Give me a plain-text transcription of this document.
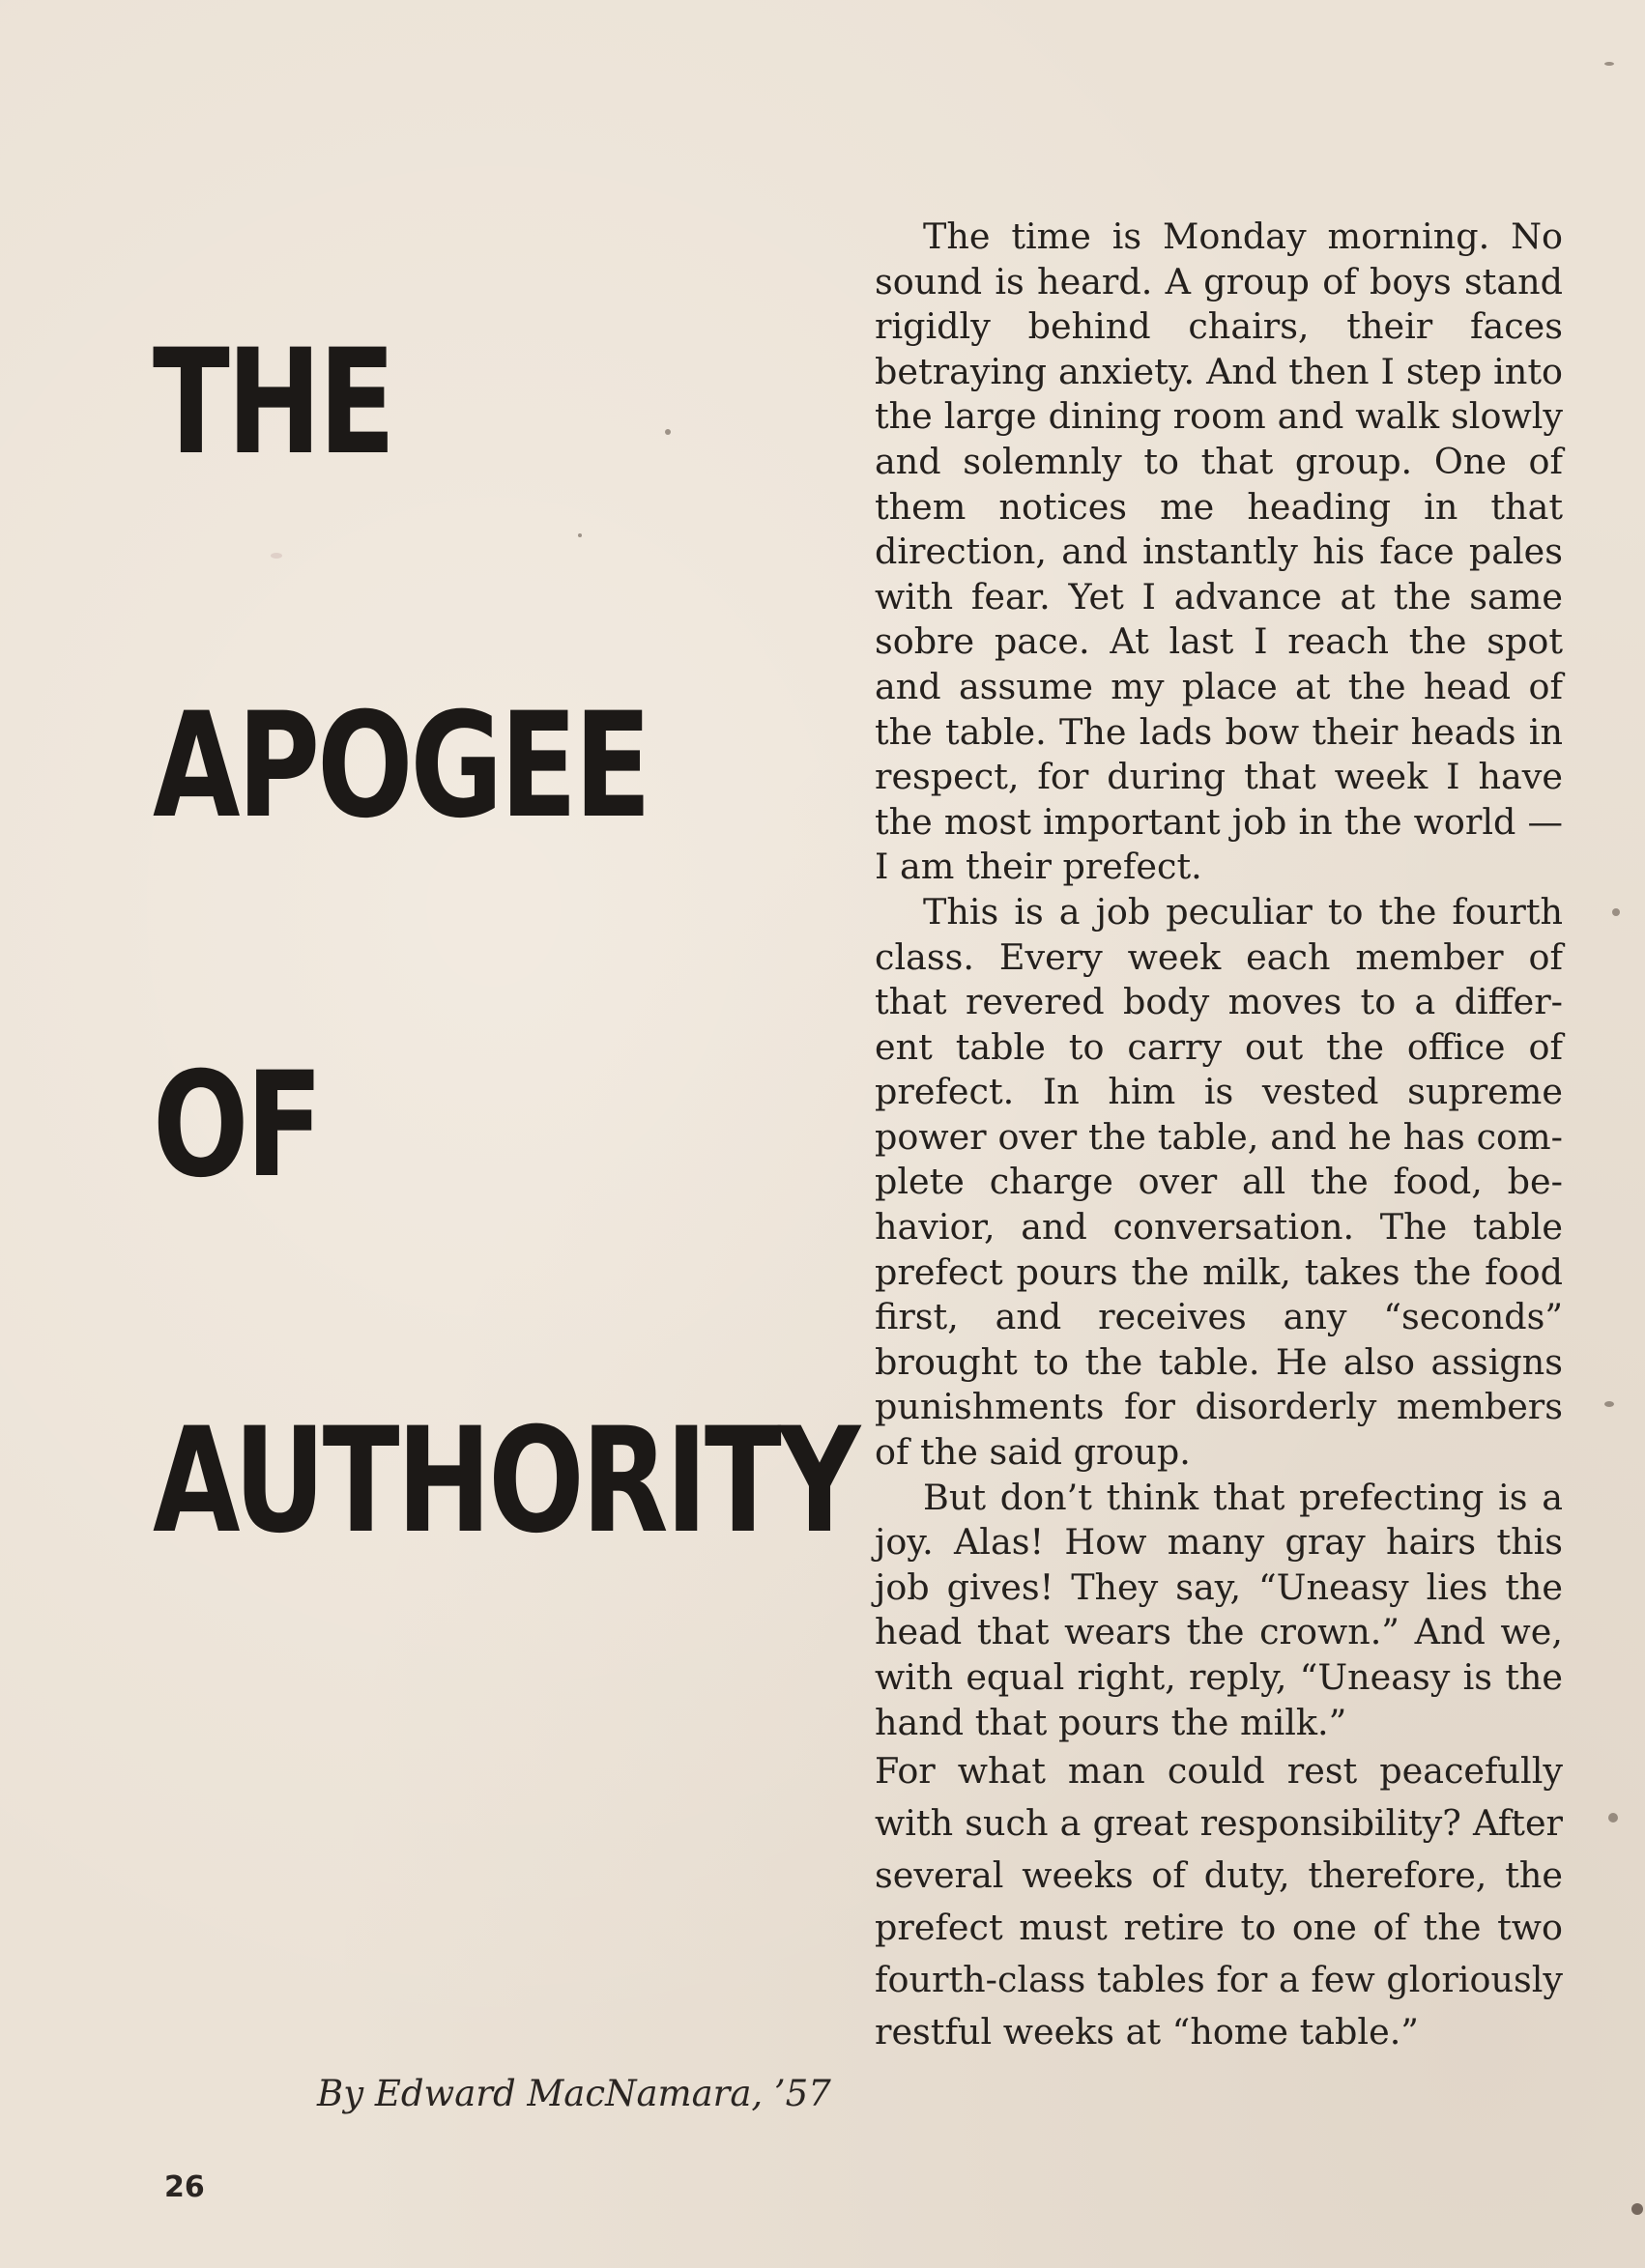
THE
APOGEE
OF
AUTHORITY

The time is Monday morning. No sound is heard. A group of boys stand rigidly behind chairs, their faces betraying anxiety. And then I step into the large dining room and walk slowly and solemnly to that group. One of them notices me heading in that direction, and instantly his face pales with fear. Yet I advance at the same sobre pace. At last I reach the spot and assume my place at the head of the table. The lads bow their heads in respect, for during that week I have the most important job in the world — I am their prefect.

This is a job peculiar to the fourth class. Every week each member of that revered body moves to a different table to carry out the office of prefect. In him is vested supreme power over the table, and he has complete charge over all the food, behavior, and conversation. The table prefect pours the milk, takes the food first, and receives any “seconds” brought to the table. He also assigns punishments for disorderly members of the said group.

But don’t think that prefecting is a joy. Alas! How many gray hairs this job gives! They say, “Uneasy lies the head that wears the crown.” And we, with equal right, reply, “Uneasy is the hand that pours the milk.”

For what man could rest peacefully with such a great responsibility? After several weeks of duty, therefore, the prefect must retire to one of the two fourth-class tables for a few gloriously restful weeks at “home table.”

By Edward MacNamara, ’57
26
